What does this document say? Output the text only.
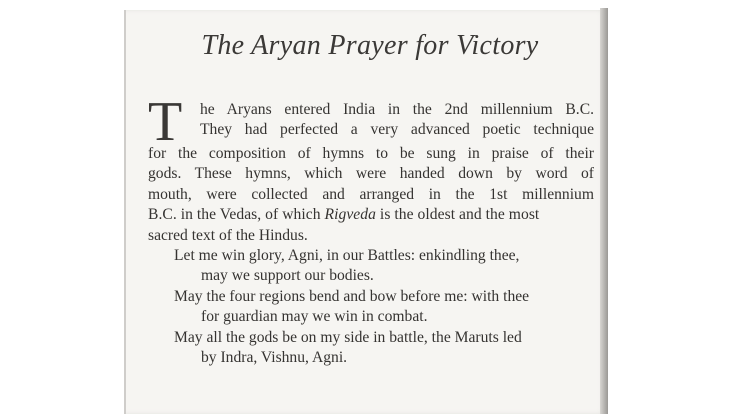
The Aryan Prayer for Victory
T	he Aryans entered India in the 2nd millennium B.C.
They had perfected a very advanced poetic technique
for the composition of hymns to be sung in praise of their
gods. These hymns, which were handed down by word of
mouth, were collected and arranged in the 1st millennium
B.C. in the Vedas, of which Rigveda is the oldest and the most
sacred text of the Hindus.
Let me win glory, Agni, in our Battles: enkindling thee,
may we support our bodies.
May the four regions bend and bow before me: with thee
for guardian may we win in combat.
May all the gods be on my side in battle, the Maruts led
by Indra, Vishnu, Agni.
